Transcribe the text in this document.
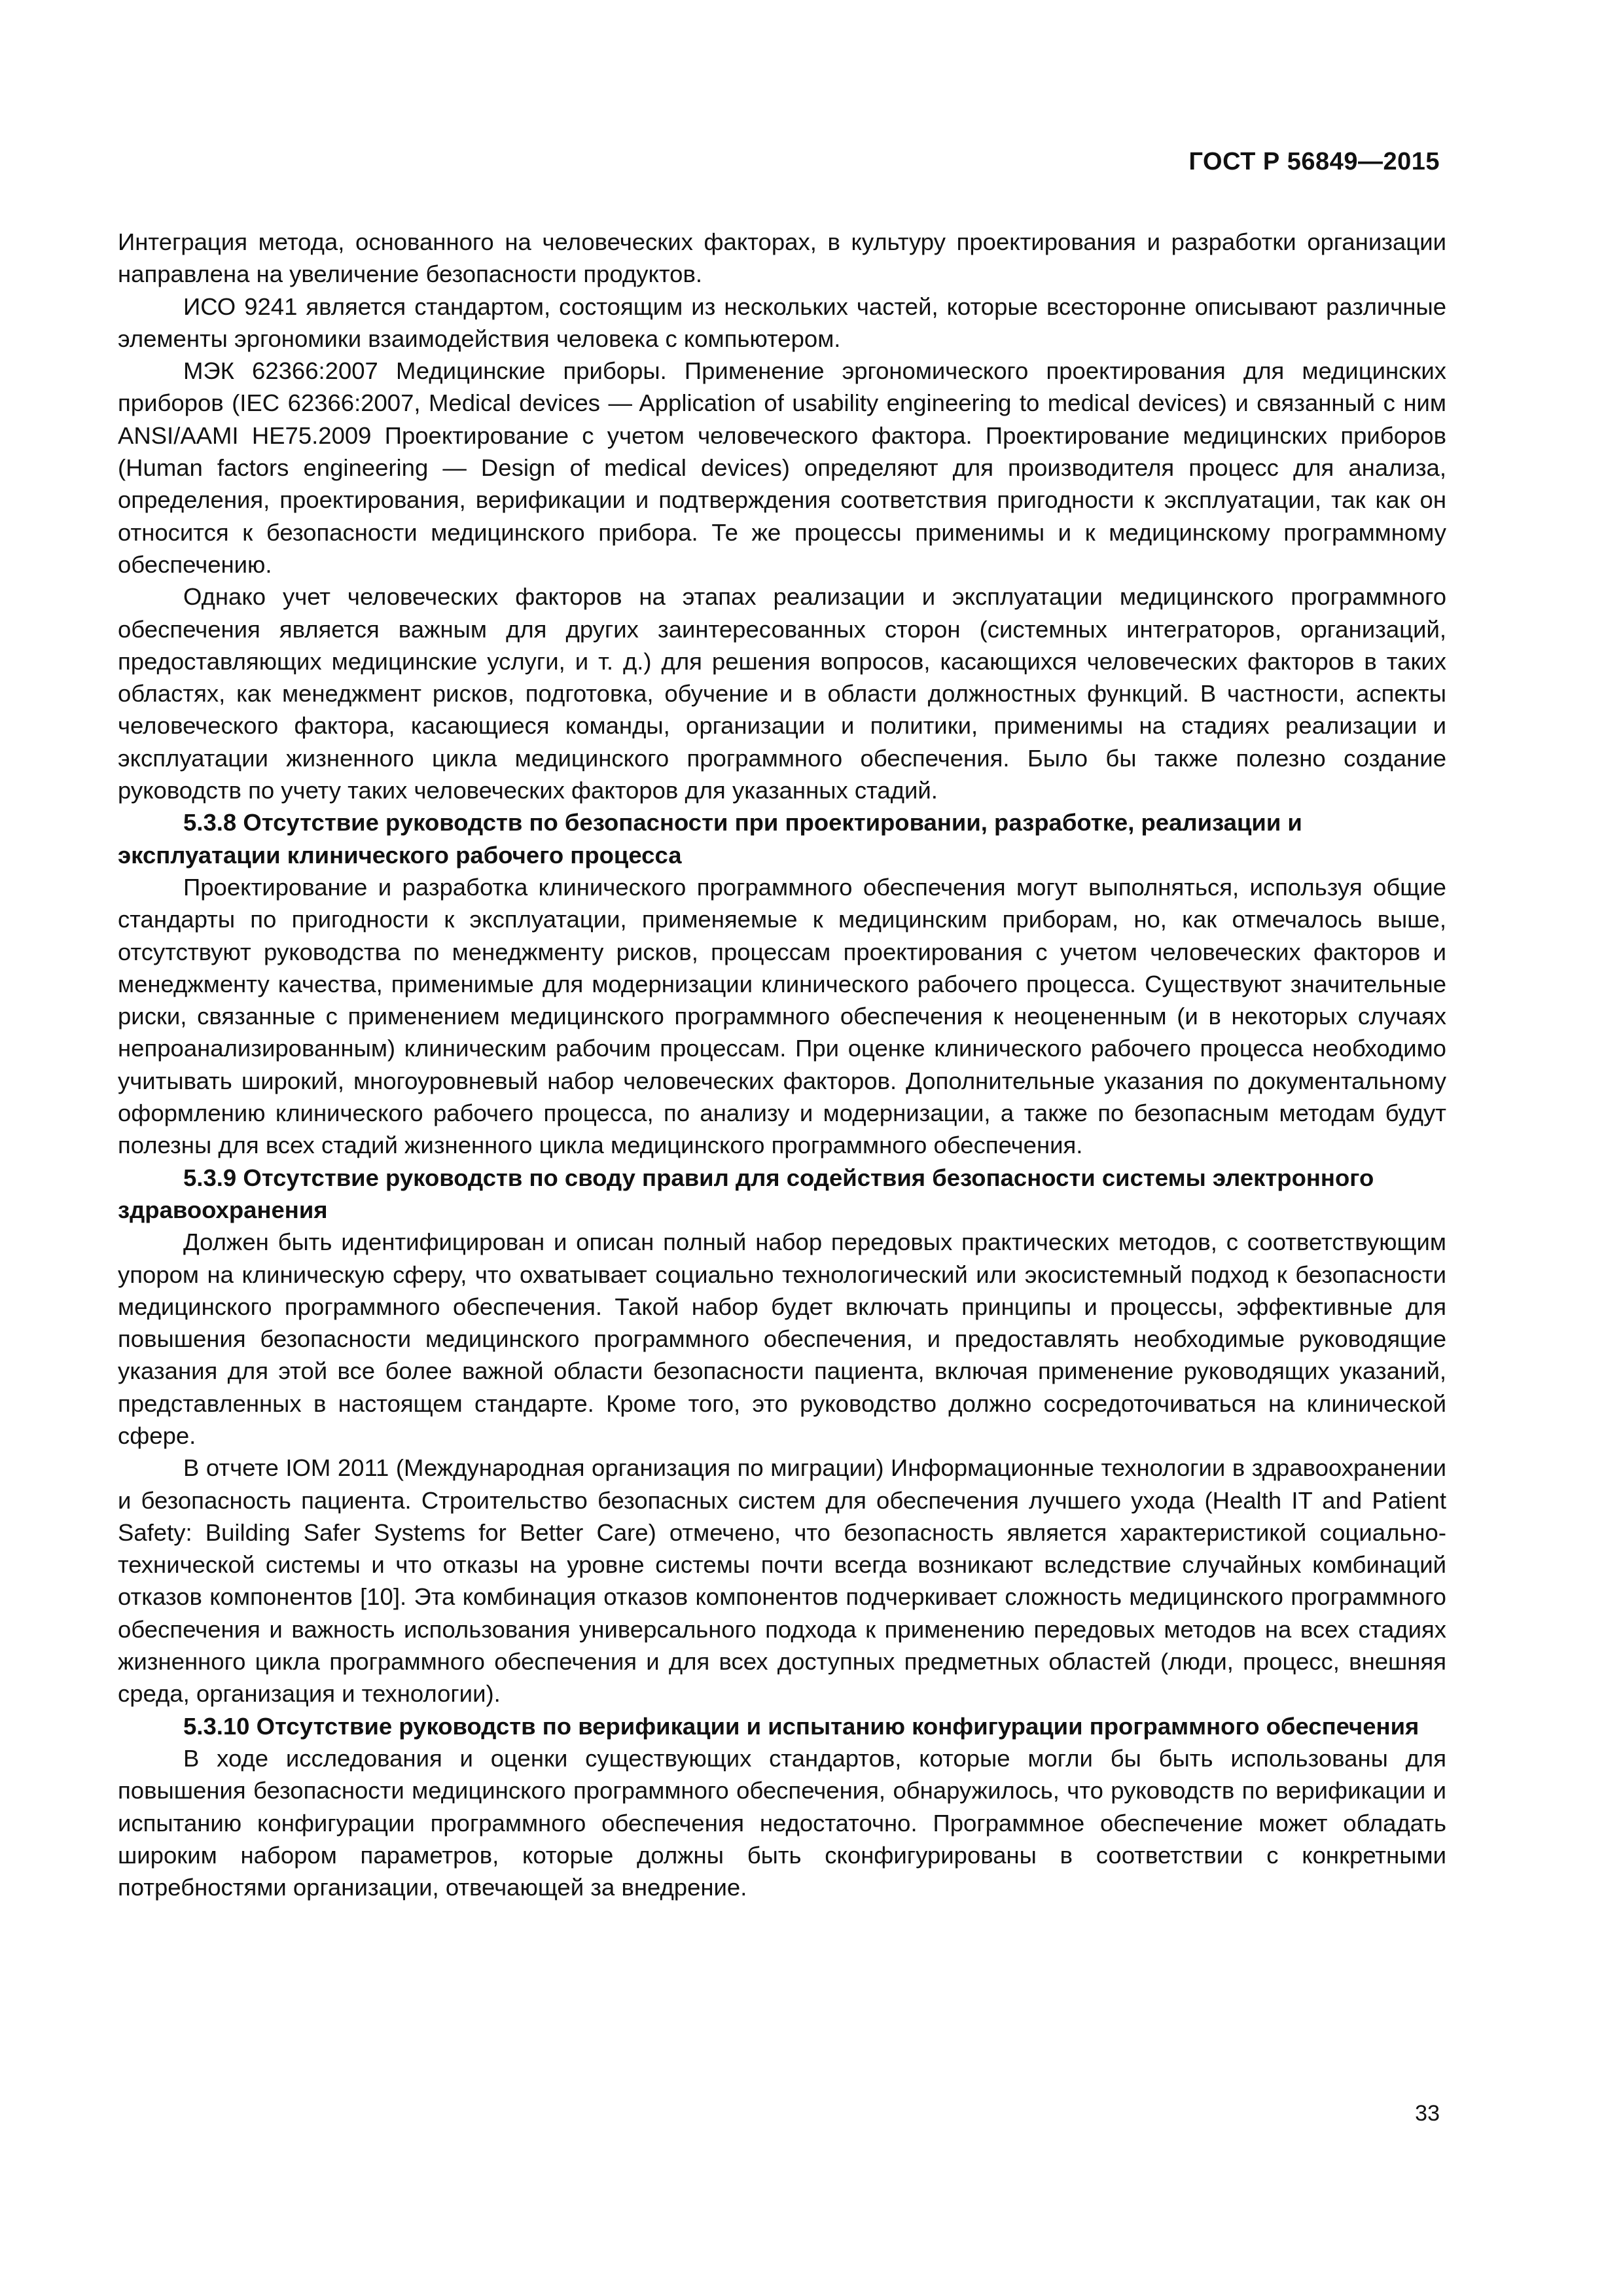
ГОСТ Р 56849—2015

Интеграция метода, основанного на человеческих факторах, в культуру проектирования и разработки организации направлена на увеличение безопасности продуктов.

ИСО 9241 является стандартом, состоящим из нескольких частей, которые всесторонне описывают различные элементы эргономики взаимодействия человека с компьютером.

МЭК 62366:2007 Медицинские приборы. Применение эргономического проектирования для медицинских приборов (IEC 62366:2007, Medical devices — Application of usability engineering to medical devices) и связанный с ним ANSI/AAMI HE75.2009 Проектирование с учетом человеческого фактора. Проектирование медицинских приборов (Human factors engineering — Design of medical devices) определяют для производителя процесс для анализа, определения, проектирования, верификации и подтверждения соответствия пригодности к эксплуатации, так как он относится к безопасности медицинского прибора. Те же процессы применимы и к медицинскому программному обеспечению.

Однако учет человеческих факторов на этапах реализации и эксплуатации медицинского программного обеспечения является важным для других заинтересованных сторон (системных интеграторов, организаций, предоставляющих медицинские услуги, и т. д.) для решения вопросов, касающихся человеческих факторов в таких областях, как менеджмент рисков, подготовка, обучение и в области должностных функций. В частности, аспекты человеческого фактора, касающиеся команды, организации и политики, применимы на стадиях реализации и эксплуатации жизненного цикла медицинского программного обеспечения. Было бы также полезно создание руководств по учету таких человеческих факторов для указанных стадий.

5.3.8 Отсутствие руководств по безопасности при проектировании, разработке, реализации и эксплуатации клинического рабочего процесса

Проектирование и разработка клинического программного обеспечения могут выполняться, используя общие стандарты по пригодности к эксплуатации, применяемые к медицинским приборам, но, как отмечалось выше, отсутствуют руководства по менеджменту рисков, процессам проектирования с учетом человеческих факторов и менеджменту качества, применимые для модернизации клинического рабочего процесса. Существуют значительные риски, связанные с применением медицинского программного обеспечения к неоцененным (и в некоторых случаях непроанализированным) клиническим рабочим процессам. При оценке клинического рабочего процесса необходимо учитывать широкий, многоуровневый набор человеческих факторов. Дополнительные указания по документальному оформлению клинического рабочего процесса, по анализу и модернизации, а также по безопасным методам будут полезны для всех стадий жизненного цикла медицинского программного обеспечения.

5.3.9 Отсутствие руководств по своду правил для содействия безопасности системы электронного здравоохранения

Должен быть идентифицирован и описан полный набор передовых практических методов, с соответствующим упором на клиническую сферу, что охватывает социально технологический или экосистемный подход к безопасности медицинского программного обеспечения. Такой набор будет включать принципы и процессы, эффективные для повышения безопасности медицинского программного обеспечения, и предоставлять необходимые руководящие указания для этой все более важной области безопасности пациента, включая применение руководящих указаний, представленных в настоящем стандарте. Кроме того, это руководство должно сосредоточиваться на клинической сфере.

В отчете IOM 2011 (Международная организация по миграции) Информационные технологии в здравоохранении и безопасность пациента. Строительство безопасных систем для обеспечения лучшего ухода (Health IT and Patient Safety: Building Safer Systems for Better Care) отмечено, что безопасность является характеристикой социально-технической системы и что отказы на уровне системы почти всегда возникают вследствие случайных комбинаций отказов компонентов [10]. Эта комбинация отказов компонентов подчеркивает сложность медицинского программного обеспечения и важность использования универсального подхода к применению передовых методов на всех стадиях жизненного цикла программного обеспечения и для всех доступных предметных областей (люди, процесс, внешняя среда, организация и технологии).

5.3.10 Отсутствие руководств по верификации и испытанию конфигурации программного обеспечения

В ходе исследования и оценки существующих стандартов, которые могли бы быть использованы для повышения безопасности медицинского программного обеспечения, обнаружилось, что руководств по верификации и испытанию конфигурации программного обеспечения недостаточно. Программное обеспечение может обладать широким набором параметров, которые должны быть сконфигурированы в соответствии с конкретными потребностями организации, отвечающей за внедрение.

33
